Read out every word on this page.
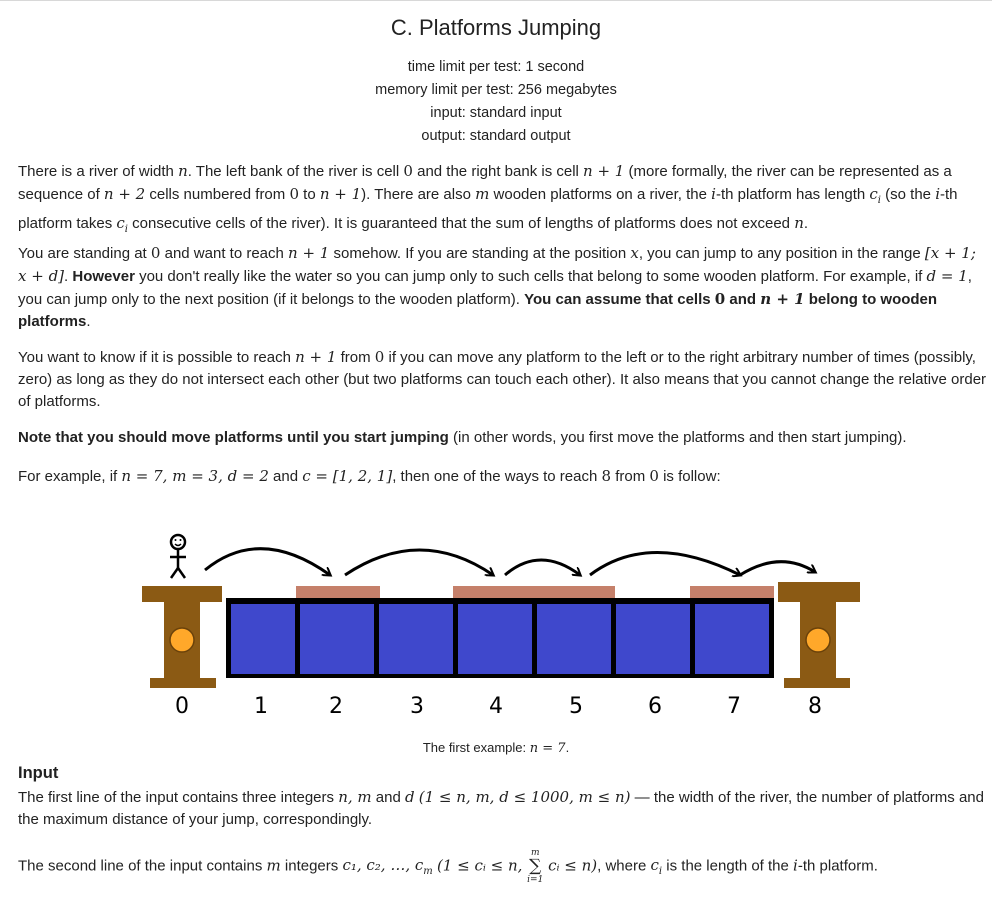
C. Platforms Jumping
time limit per test: 1 second
memory limit per test: 256 megabytes
input: standard input
output: standard output
There is a river of width n. The left bank of the river is cell 0 and the right bank is cell n + 1 (more formally, the river can be represented as a sequence of n + 2 cells numbered from 0 to n + 1). There are also m wooden platforms on a river, the i-th platform has length $c_i$ (so the i-th platform takes $c_i$ consecutive cells of the river). It is guaranteed that the sum of lengths of platforms does not exceed n.
You are standing at 0 and want to reach n + 1 somehow. If you are standing at the position x, you can jump to any position in the range [x + 1; x + d]. However you don't really like the water so you can jump only to such cells that belong to some wooden platform. For example, if d = 1, you can jump only to the next position (if it belongs to the wooden platform). You can assume that cells 0 and n + 1 belong to wooden platforms.
You want to know if it is possible to reach n + 1 from 0 if you can move any platform to the left or to the right arbitrary number of times (possibly, zero) as long as they do not intersect each other (but two platforms can touch each other). It also means that you cannot change the relative order of platforms.
Note that you should move platforms until you start jumping (in other words, you first move the platforms and then start jumping).
For example, if n = 7, m = 3, d = 2 and c = [1, 2, 1], then one of the ways to reach 8 from 0 is follow:
0	1	2	3	4	5	6	7	8
The first example: n = 7.
Input
The first line of the input contains three integers n, m and d (1 ≤ n, m, d ≤ 1000, m ≤ n) — the width of the river, the number of platforms and the maximum distance of your jump, correspondingly.
The second line of the input contains m integers c₁, c₂, …, $c_m$ (1 ≤ cᵢ ≤ n,
m
∑
i=1
cᵢ ≤ n), where $c_i$ is the length of the i-th platform.
